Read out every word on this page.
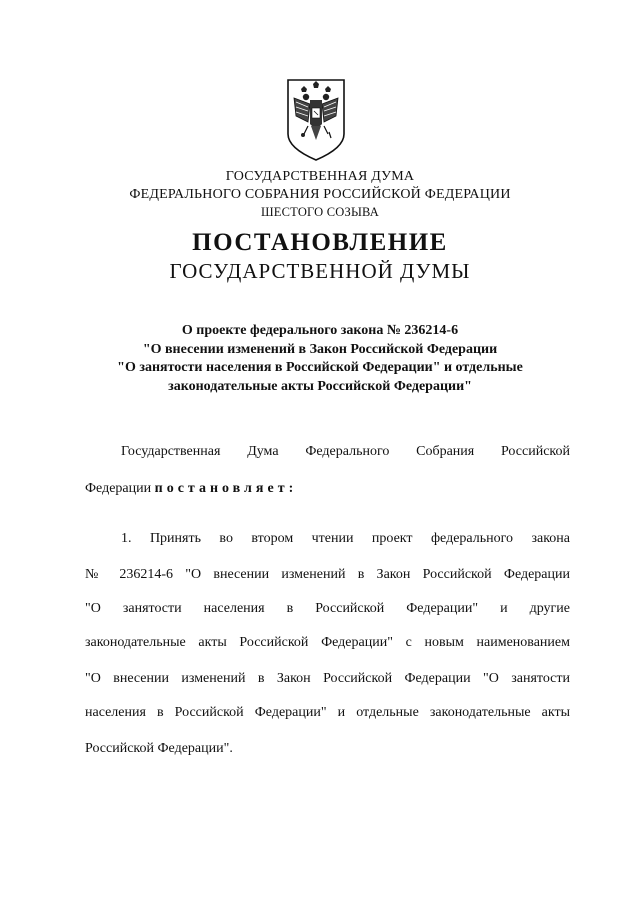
ГОСУДАРСТВЕННАЯ ДУМА
ФЕДЕРАЛЬНОГО СОБРАНИЯ РОССИЙСКОЙ ФЕДЕРАЦИИ
ШЕСТОГО СОЗЫВА
ПОСТАНОВЛЕНИЕ
ГОСУДАРСТВЕННОЙ ДУМЫ
О проекте федерального закона № 236214-6
"О внесении изменений в Закон Российской Федерации
"О занятости населения в Российской Федерации" и отдельные
законодательные акты Российской Федерации"
Государственная Дума Федерального Собрания Российской
Федерации постановляет:
1. Принять во втором чтении проект федерального закона
№ 236214-6 "О внесении изменений в Закон Российской Федерации
"О занятости населения в Российской Федерации" и другие
законодательные акты Российской Федерации" с новым наименованием
"О внесении изменений в Закон Российской Федерации "О занятости
населения в Российской Федерации" и отдельные законодательные акты
Российской Федерации".
